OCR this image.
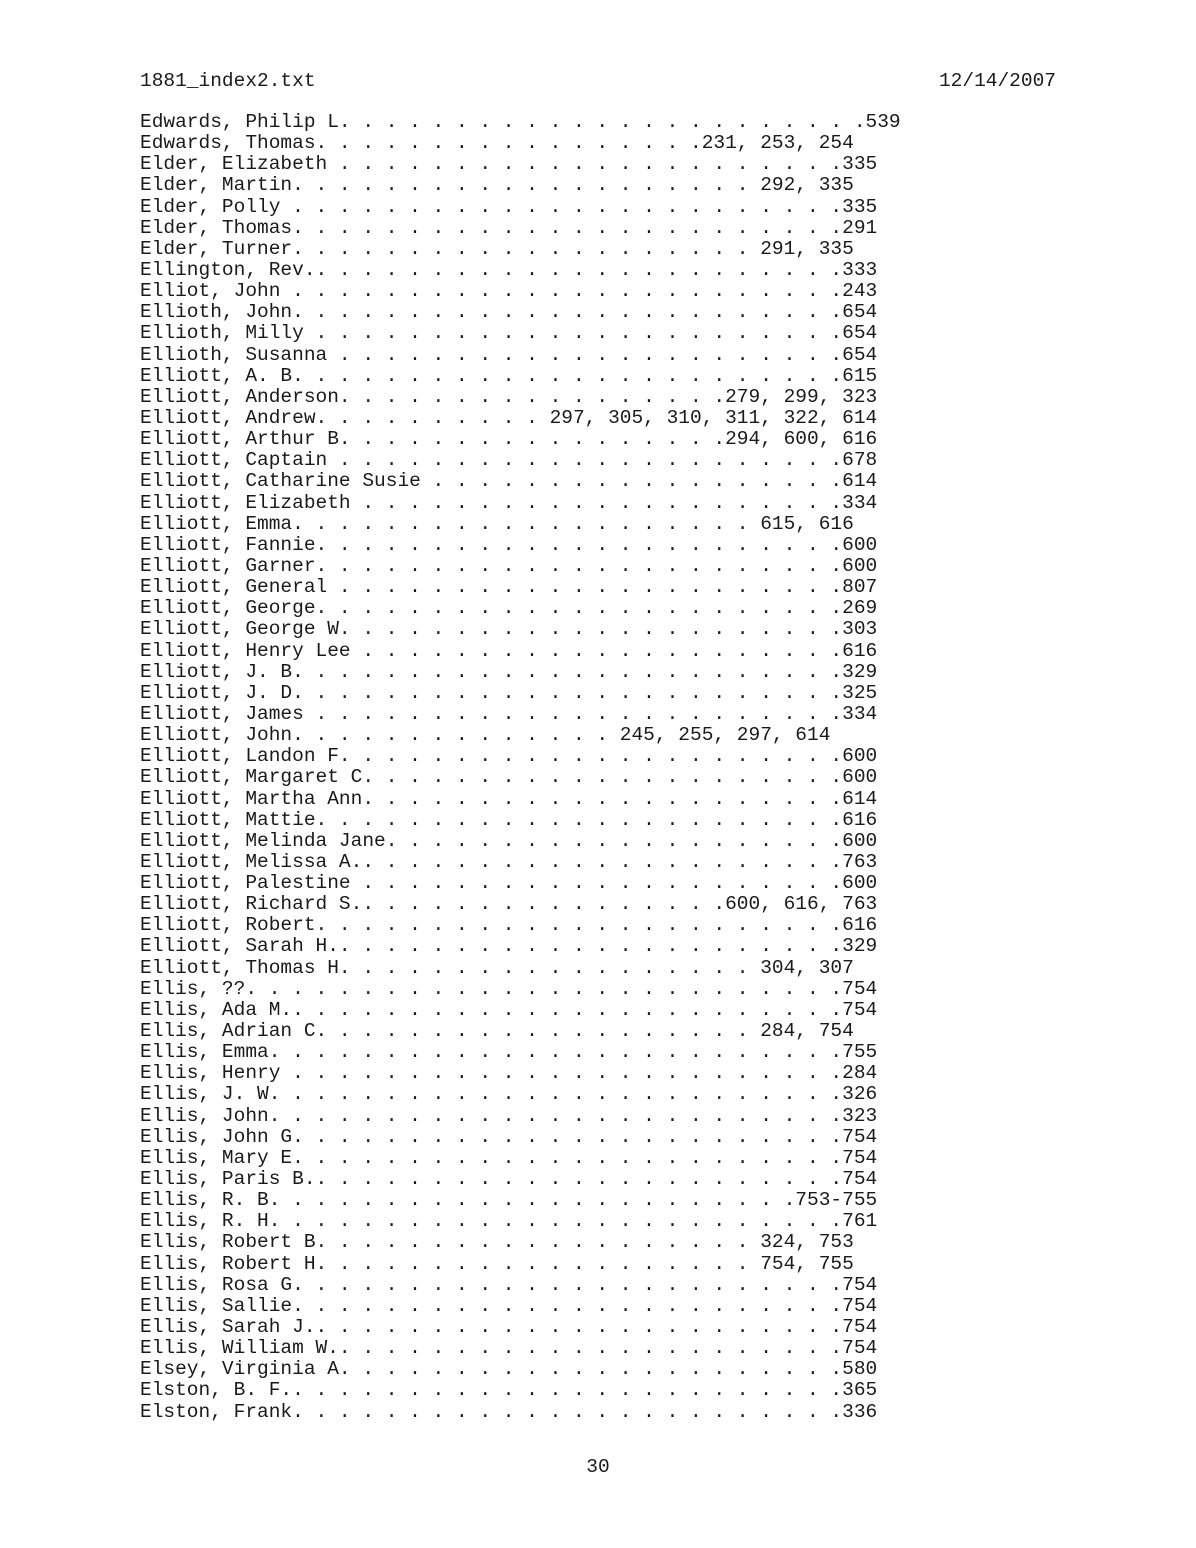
1881_index2.txt	12/14/2007
Edwards, Philip L. . . . . . . . . . . . . . . . . . . . . . .539
Edwards, Thomas. . . . . . . . . . . . . . . . .231, 253, 254
Elder, Elizabeth . . . . . . . . . . . . . . . . . . . . . .335
Elder, Martin. . . . . . . . . . . . . . . . . . . . 292, 335
Elder, Polly . . . . . . . . . . . . . . . . . . . . . . . .335
Elder, Thomas. . . . . . . . . . . . . . . . . . . . . . . .291
Elder, Turner. . . . . . . . . . . . . . . . . . . . 291, 335
Ellington, Rev.. . . . . . . . . . . . . . . . . . . . . . .333
Elliot, John . . . . . . . . . . . . . . . . . . . . . . . .243
Ellioth, John. . . . . . . . . . . . . . . . . . . . . . . .654
Ellioth, Milly . . . . . . . . . . . . . . . . . . . . . . .654
Ellioth, Susanna . . . . . . . . . . . . . . . . . . . . . .654
Elliott, A. B. . . . . . . . . . . . . . . . . . . . . . . .615
Elliott, Anderson. . . . . . . . . . . . . . . . .279, 299, 323
Elliott, Andrew. . . . . . . . . . 297, 305, 310, 311, 322, 614
Elliott, Arthur B. . . . . . . . . . . . . . . . .294, 600, 616
Elliott, Captain . . . . . . . . . . . . . . . . . . . . . .678
Elliott, Catharine Susie . . . . . . . . . . . . . . . . . .614
Elliott, Elizabeth . . . . . . . . . . . . . . . . . . . . .334
Elliott, Emma. . . . . . . . . . . . . . . . . . . . 615, 616
Elliott, Fannie. . . . . . . . . . . . . . . . . . . . . . .600
Elliott, Garner. . . . . . . . . . . . . . . . . . . . . . .600
Elliott, General . . . . . . . . . . . . . . . . . . . . . .807
Elliott, George. . . . . . . . . . . . . . . . . . . . . . .269
Elliott, George W. . . . . . . . . . . . . . . . . . . . . .303
Elliott, Henry Lee . . . . . . . . . . . . . . . . . . . . .616
Elliott, J. B. . . . . . . . . . . . . . . . . . . . . . . .329
Elliott, J. D. . . . . . . . . . . . . . . . . . . . . . . .325
Elliott, James . . . . . . . . . . . . . . . . . . . . . . .334
Elliott, John. . . . . . . . . . . . . . 245, 255, 297, 614
Elliott, Landon F. . . . . . . . . . . . . . . . . . . . . .600
Elliott, Margaret C. . . . . . . . . . . . . . . . . . . . .600
Elliott, Martha Ann. . . . . . . . . . . . . . . . . . . . .614
Elliott, Mattie. . . . . . . . . . . . . . . . . . . . . . .616
Elliott, Melinda Jane. . . . . . . . . . . . . . . . . . . .600
Elliott, Melissa A.. . . . . . . . . . . . . . . . . . . . .763
Elliott, Palestine . . . . . . . . . . . . . . . . . . . . .600
Elliott, Richard S.. . . . . . . . . . . . . . . .600, 616, 763
Elliott, Robert. . . . . . . . . . . . . . . . . . . . . . .616
Elliott, Sarah H.. . . . . . . . . . . . . . . . . . . . . .329
Elliott, Thomas H. . . . . . . . . . . . . . . . . . 304, 307
Ellis, ??. . . . . . . . . . . . . . . . . . . . . . . . . .754
Ellis, Ada M.. . . . . . . . . . . . . . . . . . . . . . . .754
Ellis, Adrian C. . . . . . . . . . . . . . . . . . . 284, 754
Ellis, Emma. . . . . . . . . . . . . . . . . . . . . . . . .755
Ellis, Henry . . . . . . . . . . . . . . . . . . . . . . . .284
Ellis, J. W. . . . . . . . . . . . . . . . . . . . . . . . .326
Ellis, John. . . . . . . . . . . . . . . . . . . . . . . . .323
Ellis, John G. . . . . . . . . . . . . . . . . . . . . . . .754
Ellis, Mary E. . . . . . . . . . . . . . . . . . . . . . . .754
Ellis, Paris B.. . . . . . . . . . . . . . . . . . . . . . .754
Ellis, R. B. . . . . . . . . . . . . . . . . . . . . . .753-755
Ellis, R. H. . . . . . . . . . . . . . . . . . . . . . . . .761
Ellis, Robert B. . . . . . . . . . . . . . . . . . . 324, 753
Ellis, Robert H. . . . . . . . . . . . . . . . . . . 754, 755
Ellis, Rosa G. . . . . . . . . . . . . . . . . . . . . . . .754
Ellis, Sallie. . . . . . . . . . . . . . . . . . . . . . . .754
Ellis, Sarah J.. . . . . . . . . . . . . . . . . . . . . . .754
Ellis, William W.. . . . . . . . . . . . . . . . . . . . . .754
Elsey, Virginia A. . . . . . . . . . . . . . . . . . . . . .580
Elston, B. F.. . . . . . . . . . . . . . . . . . . . . . . .365
Elston, Frank. . . . . . . . . . . . . . . . . . . . . . . .336
30
